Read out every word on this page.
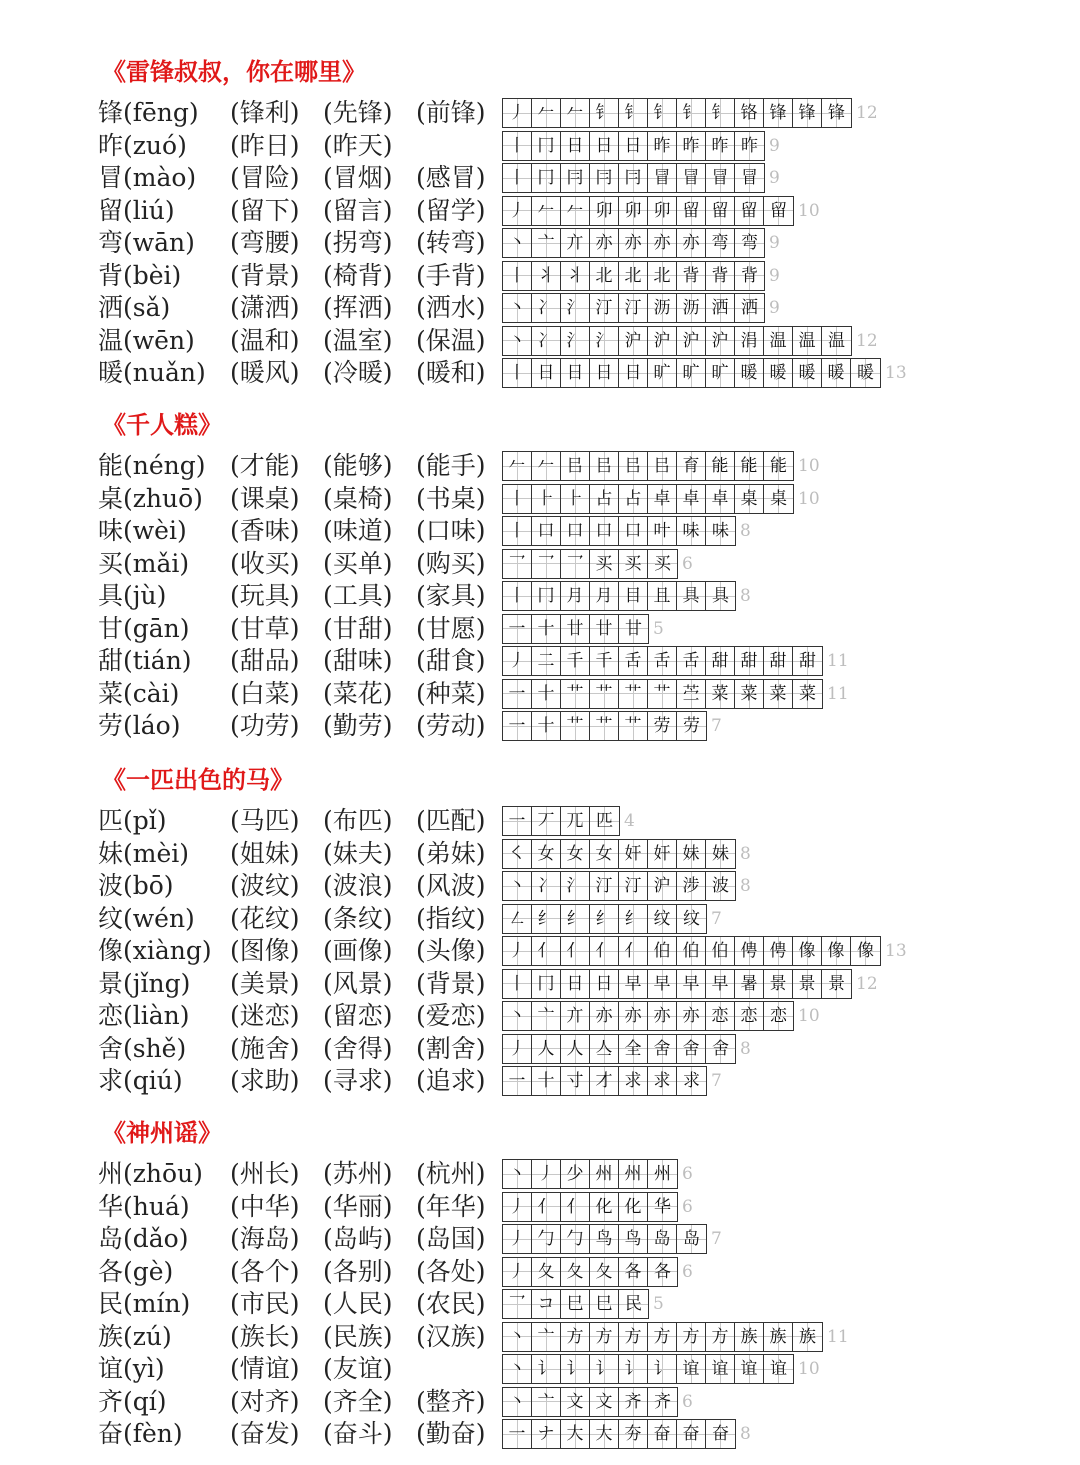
《雷锋叔叔，你在哪里》
锋(fēng) (锋利) (先锋) (前锋)	丿 𠂉 𠂉 钅 钅 钅 钅 钅 铬 锋 锋 锋 12
昨(zuó) (昨日) (昨天)	丨 冂 日 日 日 昨 昨 昨 昨 9
冒(mào) (冒险) (冒烟) (感冒)	丨 冂 冃 冃 冃 冒 冒 冒 冒 9
留(liú) (留下) (留言) (留学)	丿 𠂉 𠂉 卯 卯 卯 留 留 留 留 10
弯(wān) (弯腰) (拐弯) (转弯)	丶 亠 亣 亦 亦 亦 亦 弯 弯 9
背(bèi) (背景) (椅背) (手背)	丨 丬 丬 北 北 北 背 背 背 9
洒(sǎ) (潇洒) (挥洒) (洒水)	丶 冫 氵 汀 汀 沥 沥 洒 洒 9
温(wēn) (温和) (温室) (保温)	丶 冫 氵 氵 沪 沪 沪 沪 涓 温 温 温 12
暖(nuǎn) (暖风) (冷暖) (暖和)	丨 日 日 日 日 旷 旷 旷 暖 暖 暖 暖 暖 13
《千人糕》
能(néng) (才能) (能够) (能手)	𠂉 𠂉 㠯 㠯 㠯 㠯 育 能 能 能 10
桌(zhuō) (课桌) (桌椅) (书桌)	丨 ⺊ ⺊ 占 占 卓 卓 卓 桌 桌 10
味(wèi) (香味) (味道) (口味)	丨 口 口 口 口 叶 味 味 8
买(mǎi) (收买) (买单) (购买)	乛 乛 乛 买 买 买 6
具(jù)	(玩具) (工具) (家具)	丨 冂 月 月 目 且 具 具 8
甘(gān) (甘草) (甘甜) (甘愿)	一 十 廿 廿 甘 5
甜(tián) (甜品) (甜味) (甜食)	丿 二 千 千 舌 舌 舌 甜 甜 甜 甜 11
菜(cài) (白菜) (菜花) (种菜)	一 十 艹 艹 艹 艹 苎 菜 菜 菜 菜 11
劳(láo) (功劳) (勤劳) (劳动)	一 十 艹 艹 艹 劳 劳 7
《一匹出色的马》
匹(pǐ)	(马匹) (布匹) (匹配)	一 丆 兀 匹 4
妹(mèi) (姐妹) (妹夫) (弟妹)	㇛ 女 女 女 奸 奸 妹 妹 8
波(bō) (波纹) (波浪) (风波)	丶 冫 氵 汀 汀 沪 涉 波 8
纹(wén) (花纹) (条纹) (指纹)	㇜ 纟 纟 纟 纟 纹 纹 7
像(xiàng) (图像) (画像) (头像)	丿 亻 亻 亻 亻 伯 伯 伯 俜 俜 像 像 像 13
景(jǐng) (美景) (风景) (背景)	丨 冂 日 日 早 早 早 早 暑 景 景 景 12
恋(liàn) (迷恋) (留恋) (爱恋)	丶 亠 亣 亦 亦 亦 亦 恋 恋 恋 10
舍(shě) (施舍) (舍得) (割舍)	丿 人 人 亼 全 舍 舍 舍 8
求(qiú) (求助) (寻求) (追求)	一 十 寸 才 求 求 求 7
《神州谣》
州(zhōu) (州长) (苏州) (杭州)	丶 丿 少 州 州 州 6
华(huá) (中华) (华丽) (年华)	丿 亻 亻 化 化 华 6
岛(dǎo) (海岛) (岛屿) (岛国)	丿 勹 勹 鸟 鸟 岛 岛 7
各(gè) (各个) (各别) (各处)	丿 夂 夂 夂 各 各 6
民(mín) (市民) (人民) (农民)	乛 コ 巳 巳 民 5
族(zú) (族长) (民族) (汉族)	丶 亠 方 方 方 方 方 方 族 族 族 11
谊(yì)	(情谊) (友谊)	丶 讠 讠 讠 讠 讠 谊 谊 谊 谊 10
齐(qí)	(对齐) (齐全) (整齐)	丶 亠 文 文 齐 齐 6
奋(fèn) (奋发) (奋斗) (勤奋)	一 ナ 大 大 夯 奋 奋 奋 8
